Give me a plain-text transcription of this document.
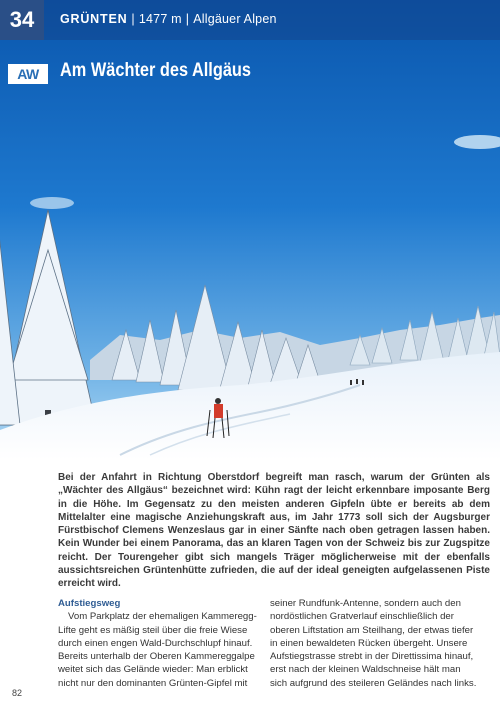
GRÜNTEN | 1477 m | Allgäuer Alpen
34
AW	Am Wächter des Allgäus

Bei der Anfahrt in Richtung Oberstdorf begreift man rasch, warum der Grünten als „Wächter des Allgäus“ bezeichnet wird: Kühn ragt der leicht erkennbare imposante Berg in die Höhe. Im Gegensatz zu den meisten anderen Gipfeln übte er bereits ab dem Mittelalter eine magische Anziehungskraft aus, im Jahr 1773 soll sich der Augsburger Fürstbischof Clemens Wenzeslaus gar in einer Sänfte nach oben getragen lassen haben. Kein Wunder bei einem Panorama, das an klaren Tagen von der Schweiz bis zur Zugspitze reicht. Der Tourengeher gibt sich mangels Träger möglicherweise mit der ebenfalls aussichtsreichen Grüntenhütte zufrieden, die auf der ideal geneigten aufgelassenen Piste erreicht wird.

Aufstiegsweg
Vom Parkplatz der ehemaligen Kammeregg-
Lifte geht es mäßig steil über die freie Wiese
durch einen engen Wald-Durchschlupf hinauf.
Bereits unterhalb der Oberen Kammereggalpe
weitet sich das Gelände wieder: Man erblickt
nicht nur den dominanten Grünten-Gipfel mit
seiner Rundfunk-Antenne, sondern auch den
nordöstlichen Gratverlauf einschließlich der
oberen Liftstation am Steilhang, der etwas tiefer
in einen bewaldeten Rücken übergeht. Unsere
Aufstiegstrasse strebt in der Direttissima hinauf,
erst nach der kleinen Waldschneise hält man
sich aufgrund des steileren Geländes nach links.
82
